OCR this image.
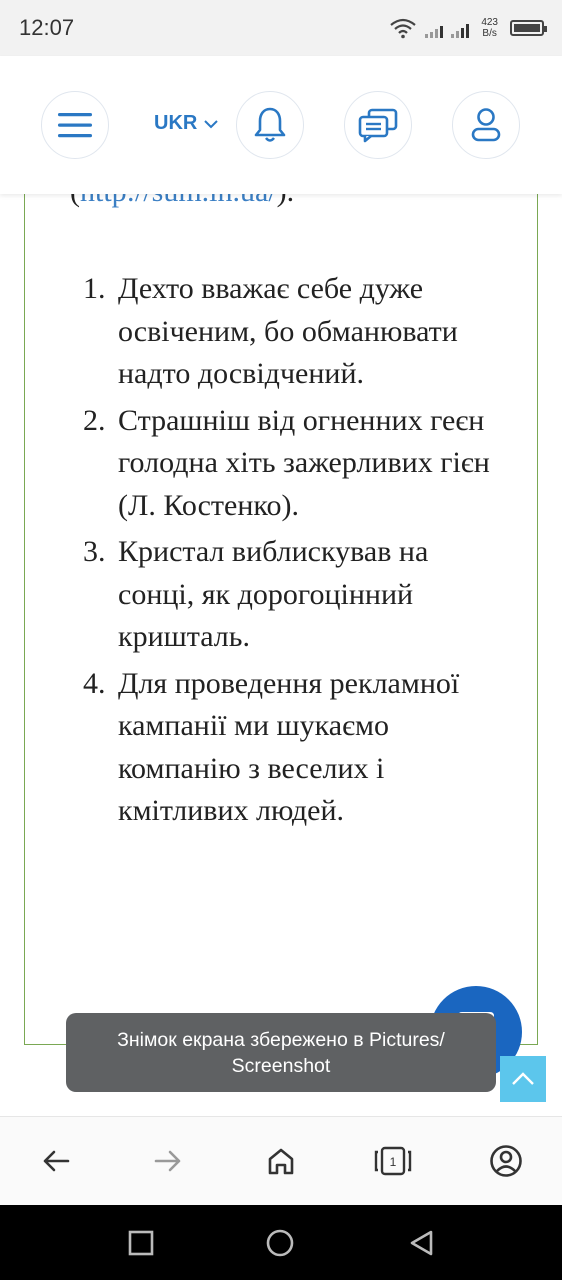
12:07	423
B/s
UKR
1. Дехто вважає себе дуже освіченим, бо обманювати надто досвідчений.
2. Страшніш від огненних геєн голодна хіть зажерливих гієн (Л. Костенко).
3. Кристал виблискував на сонці, як дорогоцінний кришталь.
4. Для проведення рекламної кампанії ми шукаємо компанію з веселих і кмітливих людей.
Знімок екрана збережено в Pictures/ Screenshot
1
